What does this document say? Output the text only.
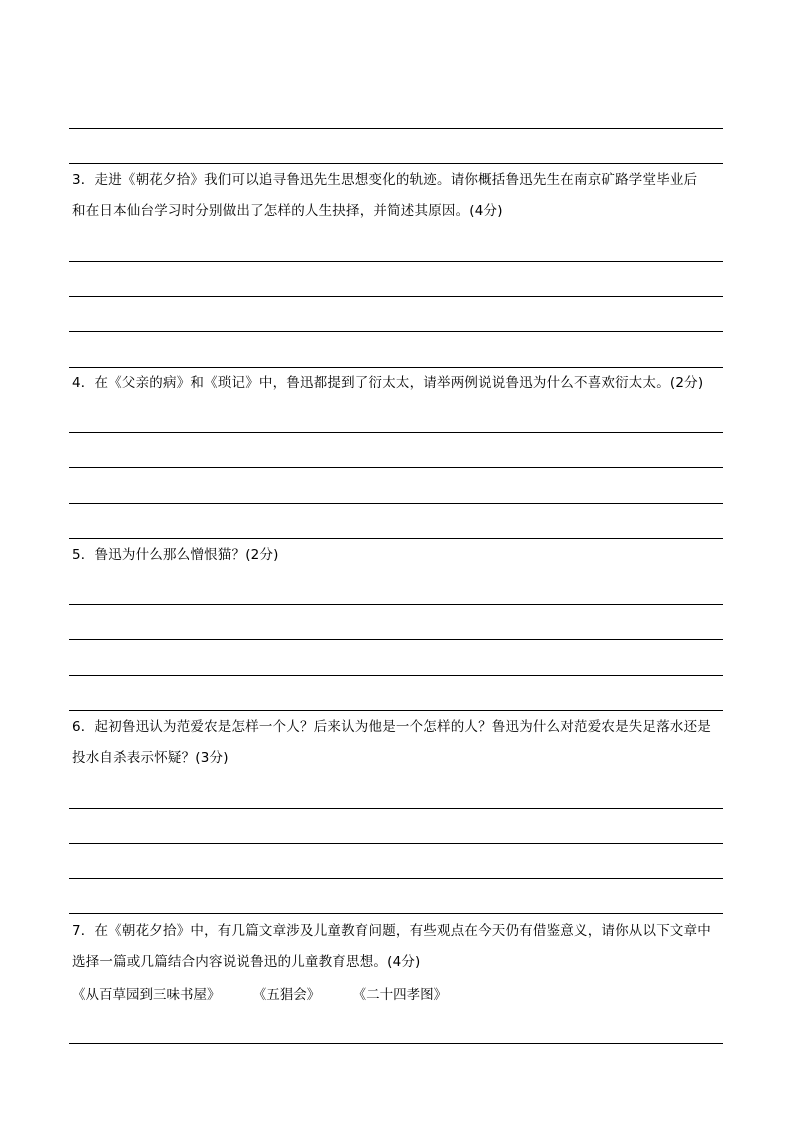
3．走进《朝花夕拾》我们可以追寻鲁迅先生思想变化的轨迹。请你概括鲁迅先生在南京矿路学堂毕业后
和在日本仙台学习时分别做出了怎样的人生抉择，并简述其原因。(4分)
4．在《父亲的病》和《琐记》中，鲁迅都提到了衍太太，请举两例说说鲁迅为什么不喜欢衍太太。(2分)
5．鲁迅为什么那么憎恨猫？(2分)
6．起初鲁迅认为范爱农是怎样一个人？后来认为他是一个怎样的人？鲁迅为什么对范爱农是失足落水还是
投水自杀表示怀疑？(3分)
7．在《朝花夕拾》中，有几篇文章涉及儿童教育问题，有些观点在今天仍有借鉴意义，请你从以下文章中
选择一篇或几篇结合内容说说鲁迅的儿童教育思想。(4分)
《从百草园到三味书屋》 《五猖会》 《二十四孝图》
